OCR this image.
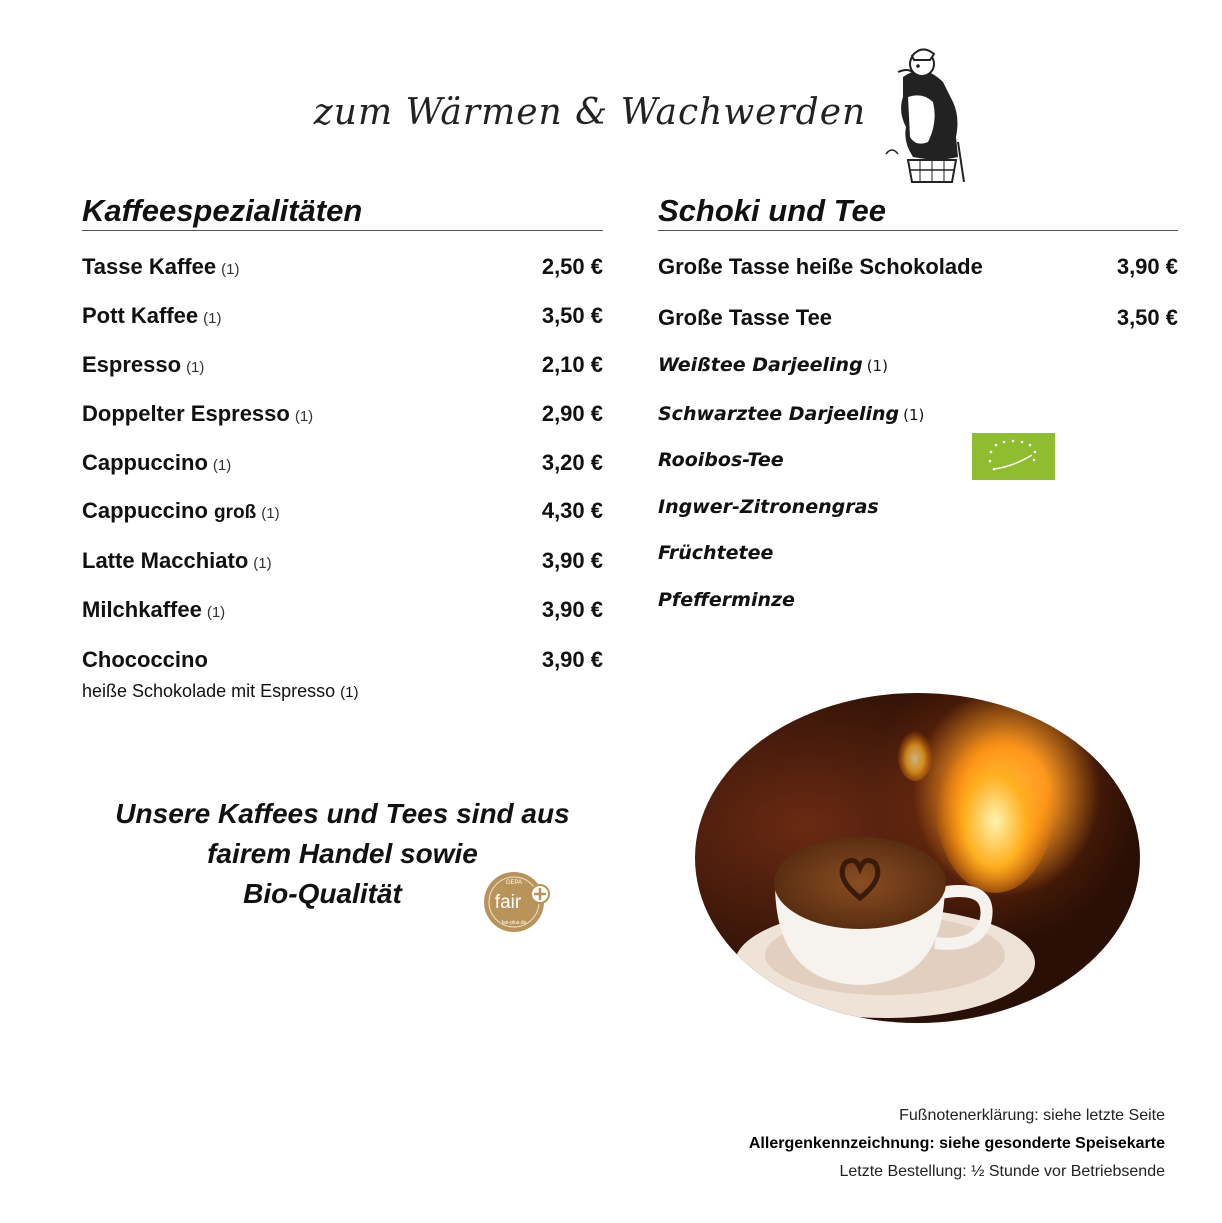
zum Wärmen & Wachwerden
Kaffeespezialitäten
Tasse Kaffee (1)	2,50 €
Pott Kaffee (1)	3,50 €
Espresso (1)	2,10 €
Doppelter Espresso (1)	2,90 €
Cappuccino (1)	3,20 €
Cappuccino groß (1)	4,30 €
Latte Macchiato (1)	3,90 €
Milchkaffee (1)	3,90 €
Chococcino	3,90 €
heiße Schokolade mit Espresso (1)
Schoki und Tee
Große Tasse heiße Schokolade	3,90 €
Große Tasse Tee	3,50 €
Weißtee Darjeeling (1)
Schwarztee Darjeeling (1)
Rooibos-Tee
Ingwer-Zitronengras
Früchtetee
Pfefferminze
Unsere Kaffees und Tees sind aus
fairem Handel sowie
Bio-Qualität	fair
GEPA
fair-plus.de
Fußnotenerklärung: siehe letzte Seite
Allergenkennzeichnung: siehe gesonderte Speisekarte
Letzte Bestellung: ½ Stunde vor Betriebsende
